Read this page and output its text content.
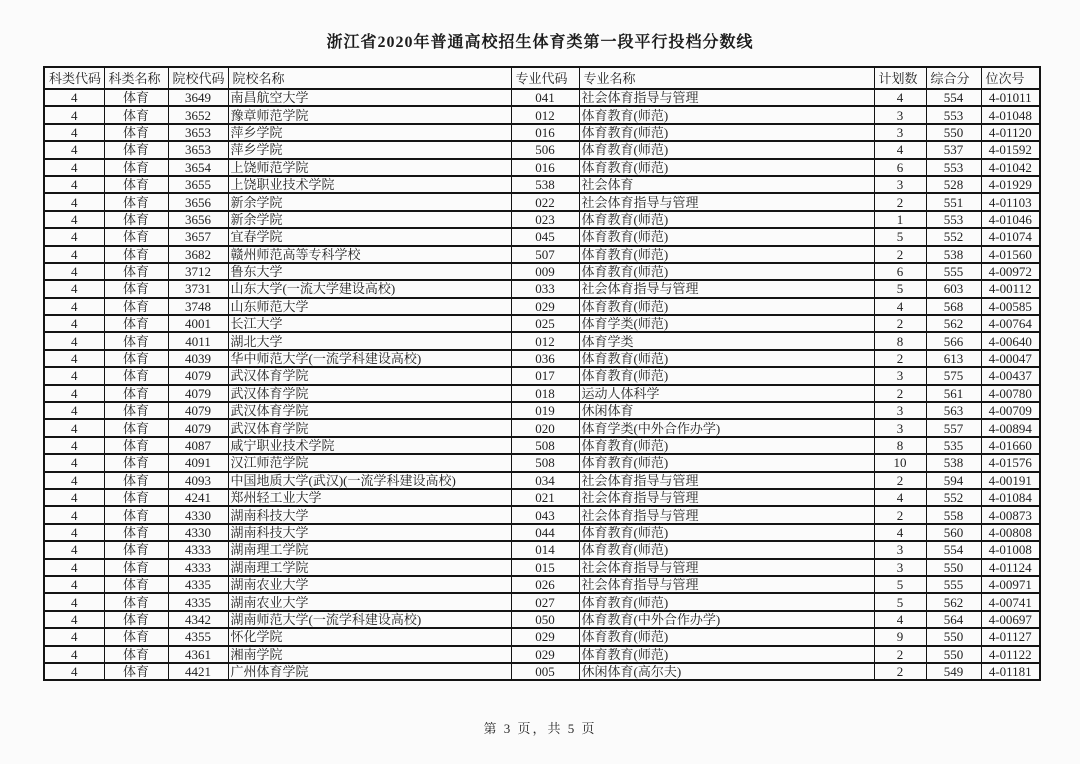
浙江省2020年普通高校招生体育类第一段平行投档分数线
科类代码	科类名称	院校代码	院校名称	专业代码	专业名称	计划数	综合分	位次号
4	体育	3649	南昌航空大学	041	社会体育指导与管理	4	554	4-01011
4	体育	3652	豫章师范学院	012	体育教育(师范)	3	553	4-01048
4	体育	3653	萍乡学院	016	体育教育(师范)	3	550	4-01120
4	体育	3653	萍乡学院	506	体育教育(师范)	4	537	4-01592
4	体育	3654	上饶师范学院	016	体育教育(师范)	6	553	4-01042
4	体育	3655	上饶职业技术学院	538	社会体育	3	528	4-01929
4	体育	3656	新余学院	022	社会体育指导与管理	2	551	4-01103
4	体育	3656	新余学院	023	体育教育(师范)	1	553	4-01046
4	体育	3657	宜春学院	045	体育教育(师范)	5	552	4-01074
4	体育	3682	赣州师范高等专科学校	507	体育教育(师范)	2	538	4-01560
4	体育	3712	鲁东大学	009	体育教育(师范)	6	555	4-00972
4	体育	3731	山东大学(一流大学建设高校)	033	社会体育指导与管理	5	603	4-00112
4	体育	3748	山东师范大学	029	体育教育(师范)	4	568	4-00585
4	体育	4001	长江大学	025	体育学类(师范)	2	562	4-00764
4	体育	4011	湖北大学	012	体育学类	8	566	4-00640
4	体育	4039	华中师范大学(一流学科建设高校)	036	体育教育(师范)	2	613	4-00047
4	体育	4079	武汉体育学院	017	体育教育(师范)	3	575	4-00437
4	体育	4079	武汉体育学院	018	运动人体科学	2	561	4-00780
4	体育	4079	武汉体育学院	019	休闲体育	3	563	4-00709
4	体育	4079	武汉体育学院	020	体育学类(中外合作办学)	3	557	4-00894
4	体育	4087	咸宁职业技术学院	508	体育教育(师范)	8	535	4-01660
4	体育	4091	汉江师范学院	508	体育教育(师范)	10	538	4-01576
4	体育	4093	中国地质大学(武汉)(一流学科建设高校)	034	社会体育指导与管理	2	594	4-00191
4	体育	4241	郑州轻工业大学	021	社会体育指导与管理	4	552	4-01084
4	体育	4330	湖南科技大学	043	社会体育指导与管理	2	558	4-00873
4	体育	4330	湖南科技大学	044	体育教育(师范)	4	560	4-00808
4	体育	4333	湖南理工学院	014	体育教育(师范)	3	554	4-01008
4	体育	4333	湖南理工学院	015	社会体育指导与管理	3	550	4-01124
4	体育	4335	湖南农业大学	026	社会体育指导与管理	5	555	4-00971
4	体育	4335	湖南农业大学	027	体育教育(师范)	5	562	4-00741
4	体育	4342	湖南师范大学(一流学科建设高校)	050	体育教育(中外合作办学)	4	564	4-00697
4	体育	4355	怀化学院	029	体育教育(师范)	9	550	4-01127
4	体育	4361	湘南学院	029	体育教育(师范)	2	550	4-01122
4	体育	4421	广州体育学院	005	休闲体育(高尔夫)	2	549	4-01181
第 3 页，共 5 页
